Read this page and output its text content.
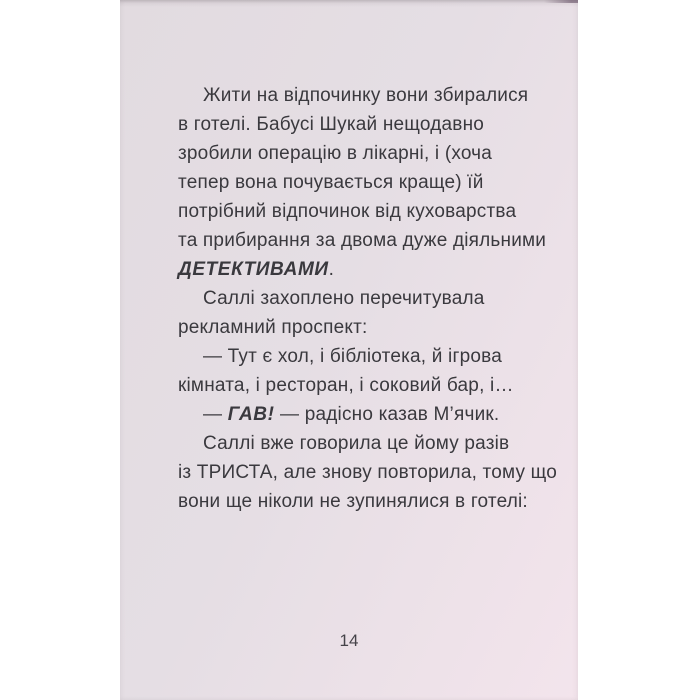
Жити на відпочинку вони збиралися
в готелі. Бабусі Шукай нещодавно
зробили операцію в лікарні, і (хоча
тепер вона почувається краще) їй
потрібний відпочинок від куховарства
та прибирання за двома дуже діяльними
ДЕТЕКТИВАМИ.
Саллі захоплено перечитувала
рекламний проспект:
— Тут є хол, і бібліотека, й ігрова
кімната, і ресторан, і соковий бар, і…
— ГАВ! — радісно казав М’ячик.
Саллі вже говорила це йому разів
із ТРИСТА, але знову повторила, тому що
вони ще ніколи не зупинялися в готелі:
14
